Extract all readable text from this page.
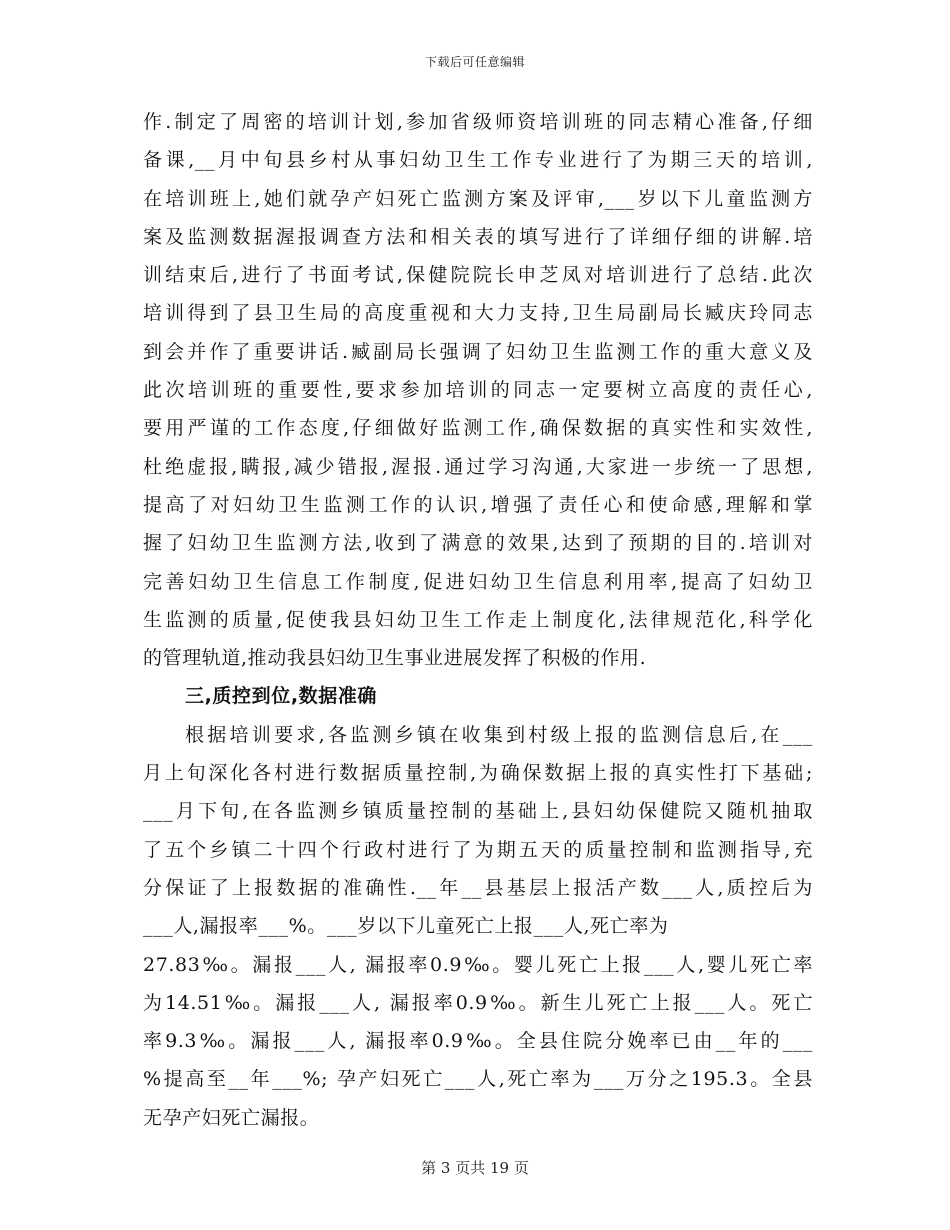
下载后可任意编辑
作.制定了周密的培训计划,参加省级师资培训班的同志精心准备,仔细
备课,__月中旬县乡村从事妇幼卫生工作专业进行了为期三天的培训,
在培训班上,她们就孕产妇死亡监测方案及评审,___岁以下儿童监测方
案及监测数据渥报调查方法和相关表的填写进行了详细仔细的讲解.培
训结束后,进行了书面考试,保健院院长申芝凤对培训进行了总结.此次
培训得到了县卫生局的高度重视和大力支持,卫生局副局长臧庆玲同志
到会并作了重要讲话.臧副局长强调了妇幼卫生监测工作的重大意义及
此次培训班的重要性,要求参加培训的同志一定要树立高度的责任心,
要用严谨的工作态度,仔细做好监测工作,确保数据的真实性和实效性,
杜绝虚报,瞒报,减少错报,渥报.通过学习沟通,大家进一步统一了思想,
提高了对妇幼卫生监测工作的认识,增强了责任心和使命感,理解和掌
握了妇幼卫生监测方法,收到了满意的效果,达到了预期的目的.培训对
完善妇幼卫生信息工作制度,促进妇幼卫生信息利用率,提高了妇幼卫
生监测的质量,促使我县妇幼卫生工作走上制度化,法律规范化,科学化
的管理轨道,推动我县妇幼卫生事业进展发挥了积极的作用.
三,质控到位,数据准确
根据培训要求,各监测乡镇在收集到村级上报的监测信息后,在___
月上旬深化各村进行数据质量控制,为确保数据上报的真实性打下基础;
___月下旬,在各监测乡镇质量控制的基础上,县妇幼保健院又随机抽取
了五个乡镇二十四个行政村进行了为期五天的质量控制和监测指导,充
分保证了上报数据的准确性.__年__县基层上报活产数___人,质控后为
___人,漏报率___%。___岁以下儿童死亡上报___人,死亡率为
27.83‰。漏报___人, 漏报率0.9‰。婴儿死亡上报___人,婴儿死亡率
为14.51‰。漏报___人, 漏报率0.9‰。新生儿死亡上报___人。死亡
率9.3‰。漏报___人, 漏报率0.9‰。全县住院分娩率已由__年的___
%提高至__年___%; 孕产妇死亡___人,死亡率为___万分之195.3。全县
无孕产妇死亡漏报。
第 3 页共 19 页
